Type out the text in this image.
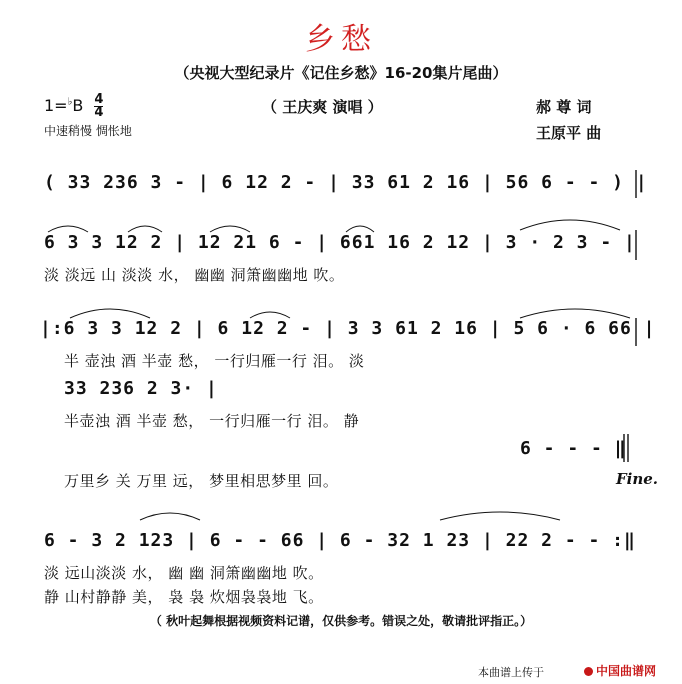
乡愁
（央视大型纪录片《记住乡愁》16-20集片尾曲）
$1=^♭B \frac{4}{4}$	（ 王庆爽 演唱 ）	郝 尊 词
王原平 曲
中速稍慢 惆怅地
( 33 236 3 - | 6 12 2 - | 33 61 2 16 | 56 6 - - ) |
6 3 3 12 2 | 12 21 6 - | 661 16 2 12 | 3 · 2 3 - |
淡 淡远 山 淡淡 水， 幽幽 洞箫幽幽地 吹。
|:6 3 3 12 2 | 6 12 2 - | 3 3 61 2 16 | 5 6 · 6 66 |
半 壶浊 酒 半壶 愁， 一行归雁一行 泪。 淡
33 236 2 3· |
半壶浊 酒 半壶 愁， 一行归雁一行 泪。 静
6 - - - ‖
万里乡 关 万里 远， 梦里相思梦里 回。	Fine.
6 - 3 2 123 | 6 - - 66 | 6 - 32 1 23 | 22 2 - - :‖
淡 远山淡淡 水， 幽 幽 洞箫幽幽地 吹。
静 山村静静 美， 袅 袅 炊烟袅袅地 飞。
（ 秋叶起舞根据视频资料记谱，仅供参考。错误之处，敬请批评指正。）
本曲谱上传于	中国曲谱网
